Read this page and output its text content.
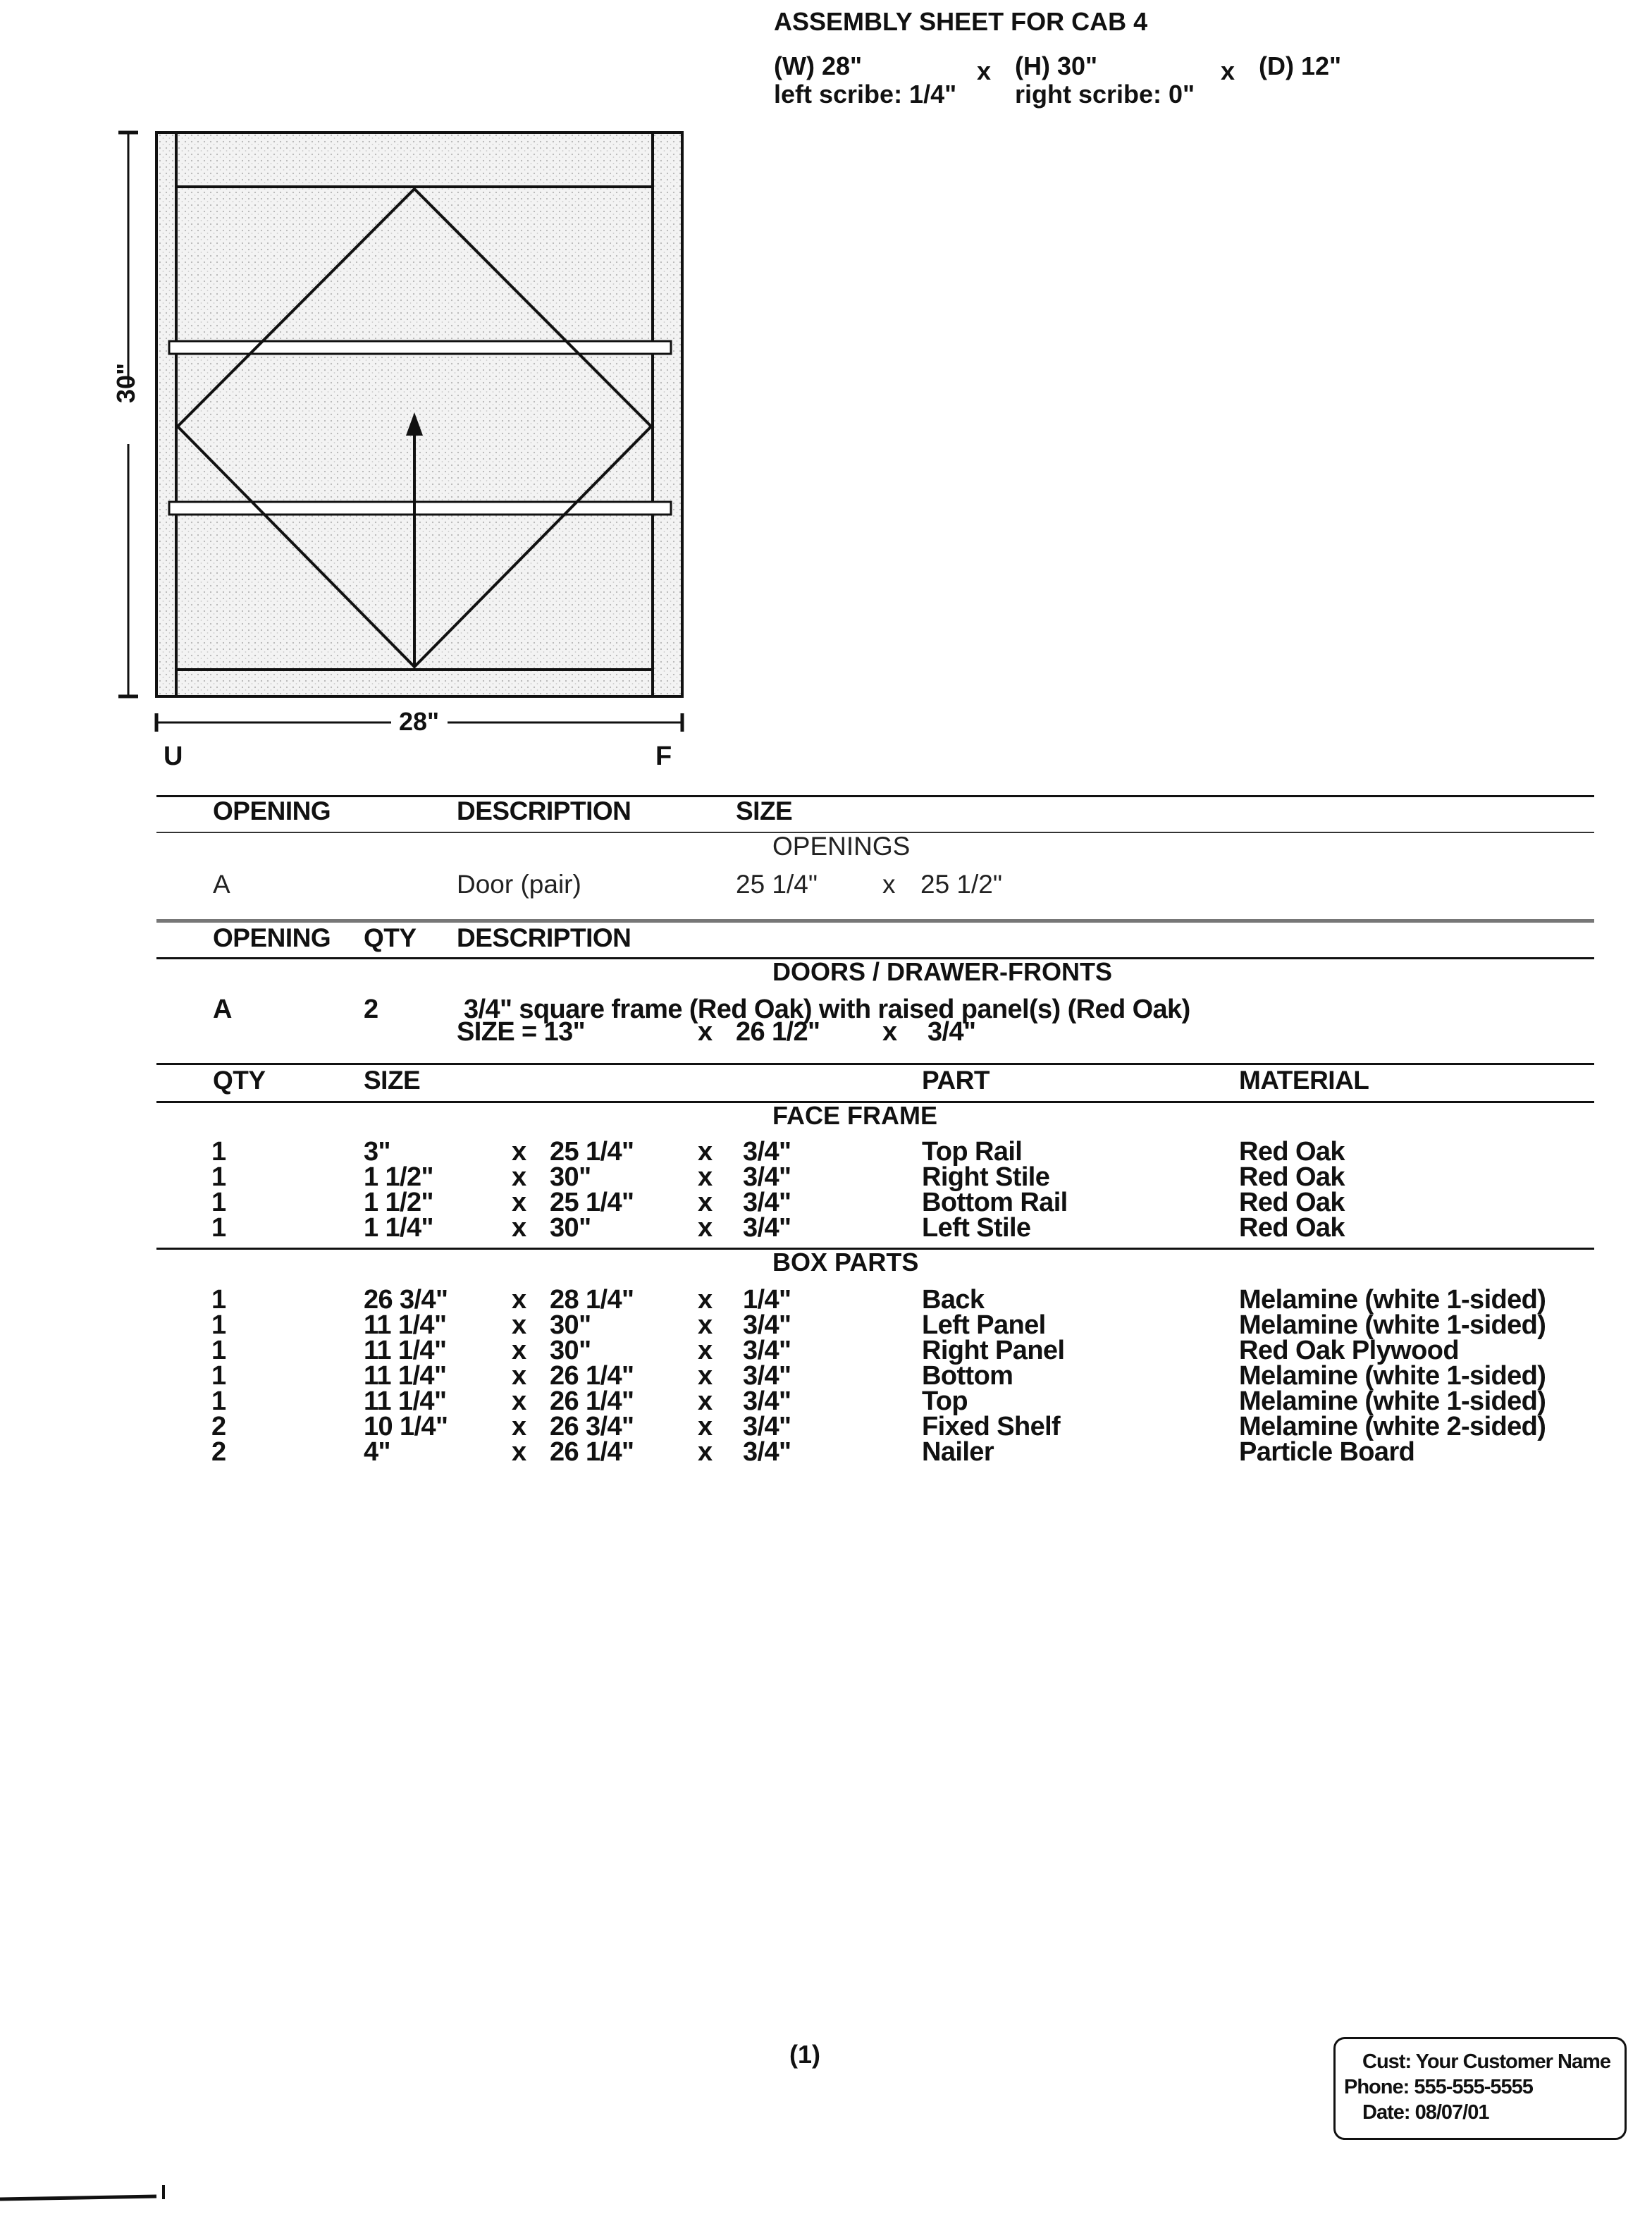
ASSEMBLY SHEET FOR CAB 4
(W) 28"	x (H) 30"	x (D) 12"
left scribe: 1/4" right scribe: 0"
30"
28"
U	F
OPENING	DESCRIPTION	SIZE
OPENINGS
A	Door (pair)	25 1/4" x 25 1/2"
OPENING QTY DESCRIPTION
DOORS / DRAWER-FRONTS
A	2	3/4" square frame (Red Oak) with raised panel(s) (Red Oak)
SIZE = 13"	x 26 1/2" x 3/4"
QTY	SIZE	PART	MATERIAL
FACE FRAME
1	3"	x 25 1/4" x 3/4"	Top Rail	Red Oak
1	1 1/2"	x 30"	x 3/4"	Right Stile	Red Oak
1	1 1/2"	x 25 1/4" x 3/4"	Bottom Rail	Red Oak
1	1 1/4"	x 30"	x 3/4"	Left Stile	Red Oak
BOX PARTS
1	26 3/4" x 28 1/4" x 1/4"	Back	Melamine (white 1-sided)
1	11 1/4" x 30"	x 3/4"	Left Panel	Melamine (white 1-sided)
1	11 1/4" x 30"	x 3/4"	Right Panel	Red Oak Plywood
1	11 1/4" x 26 1/4" x 3/4"	Bottom	Melamine (white 1-sided)
1	11 1/4" x 26 1/4" x 3/4"	Top	Melamine (white 1-sided)
2	10 1/4" x 26 3/4" x 3/4"	Fixed Shelf	Melamine (white 2-sided)
2	4"	x 26 1/4" x 3/4"	Nailer	Particle Board
(1)	Cust: Your Customer Name
Phone: 555-555-5555
Date: 08/07/01
